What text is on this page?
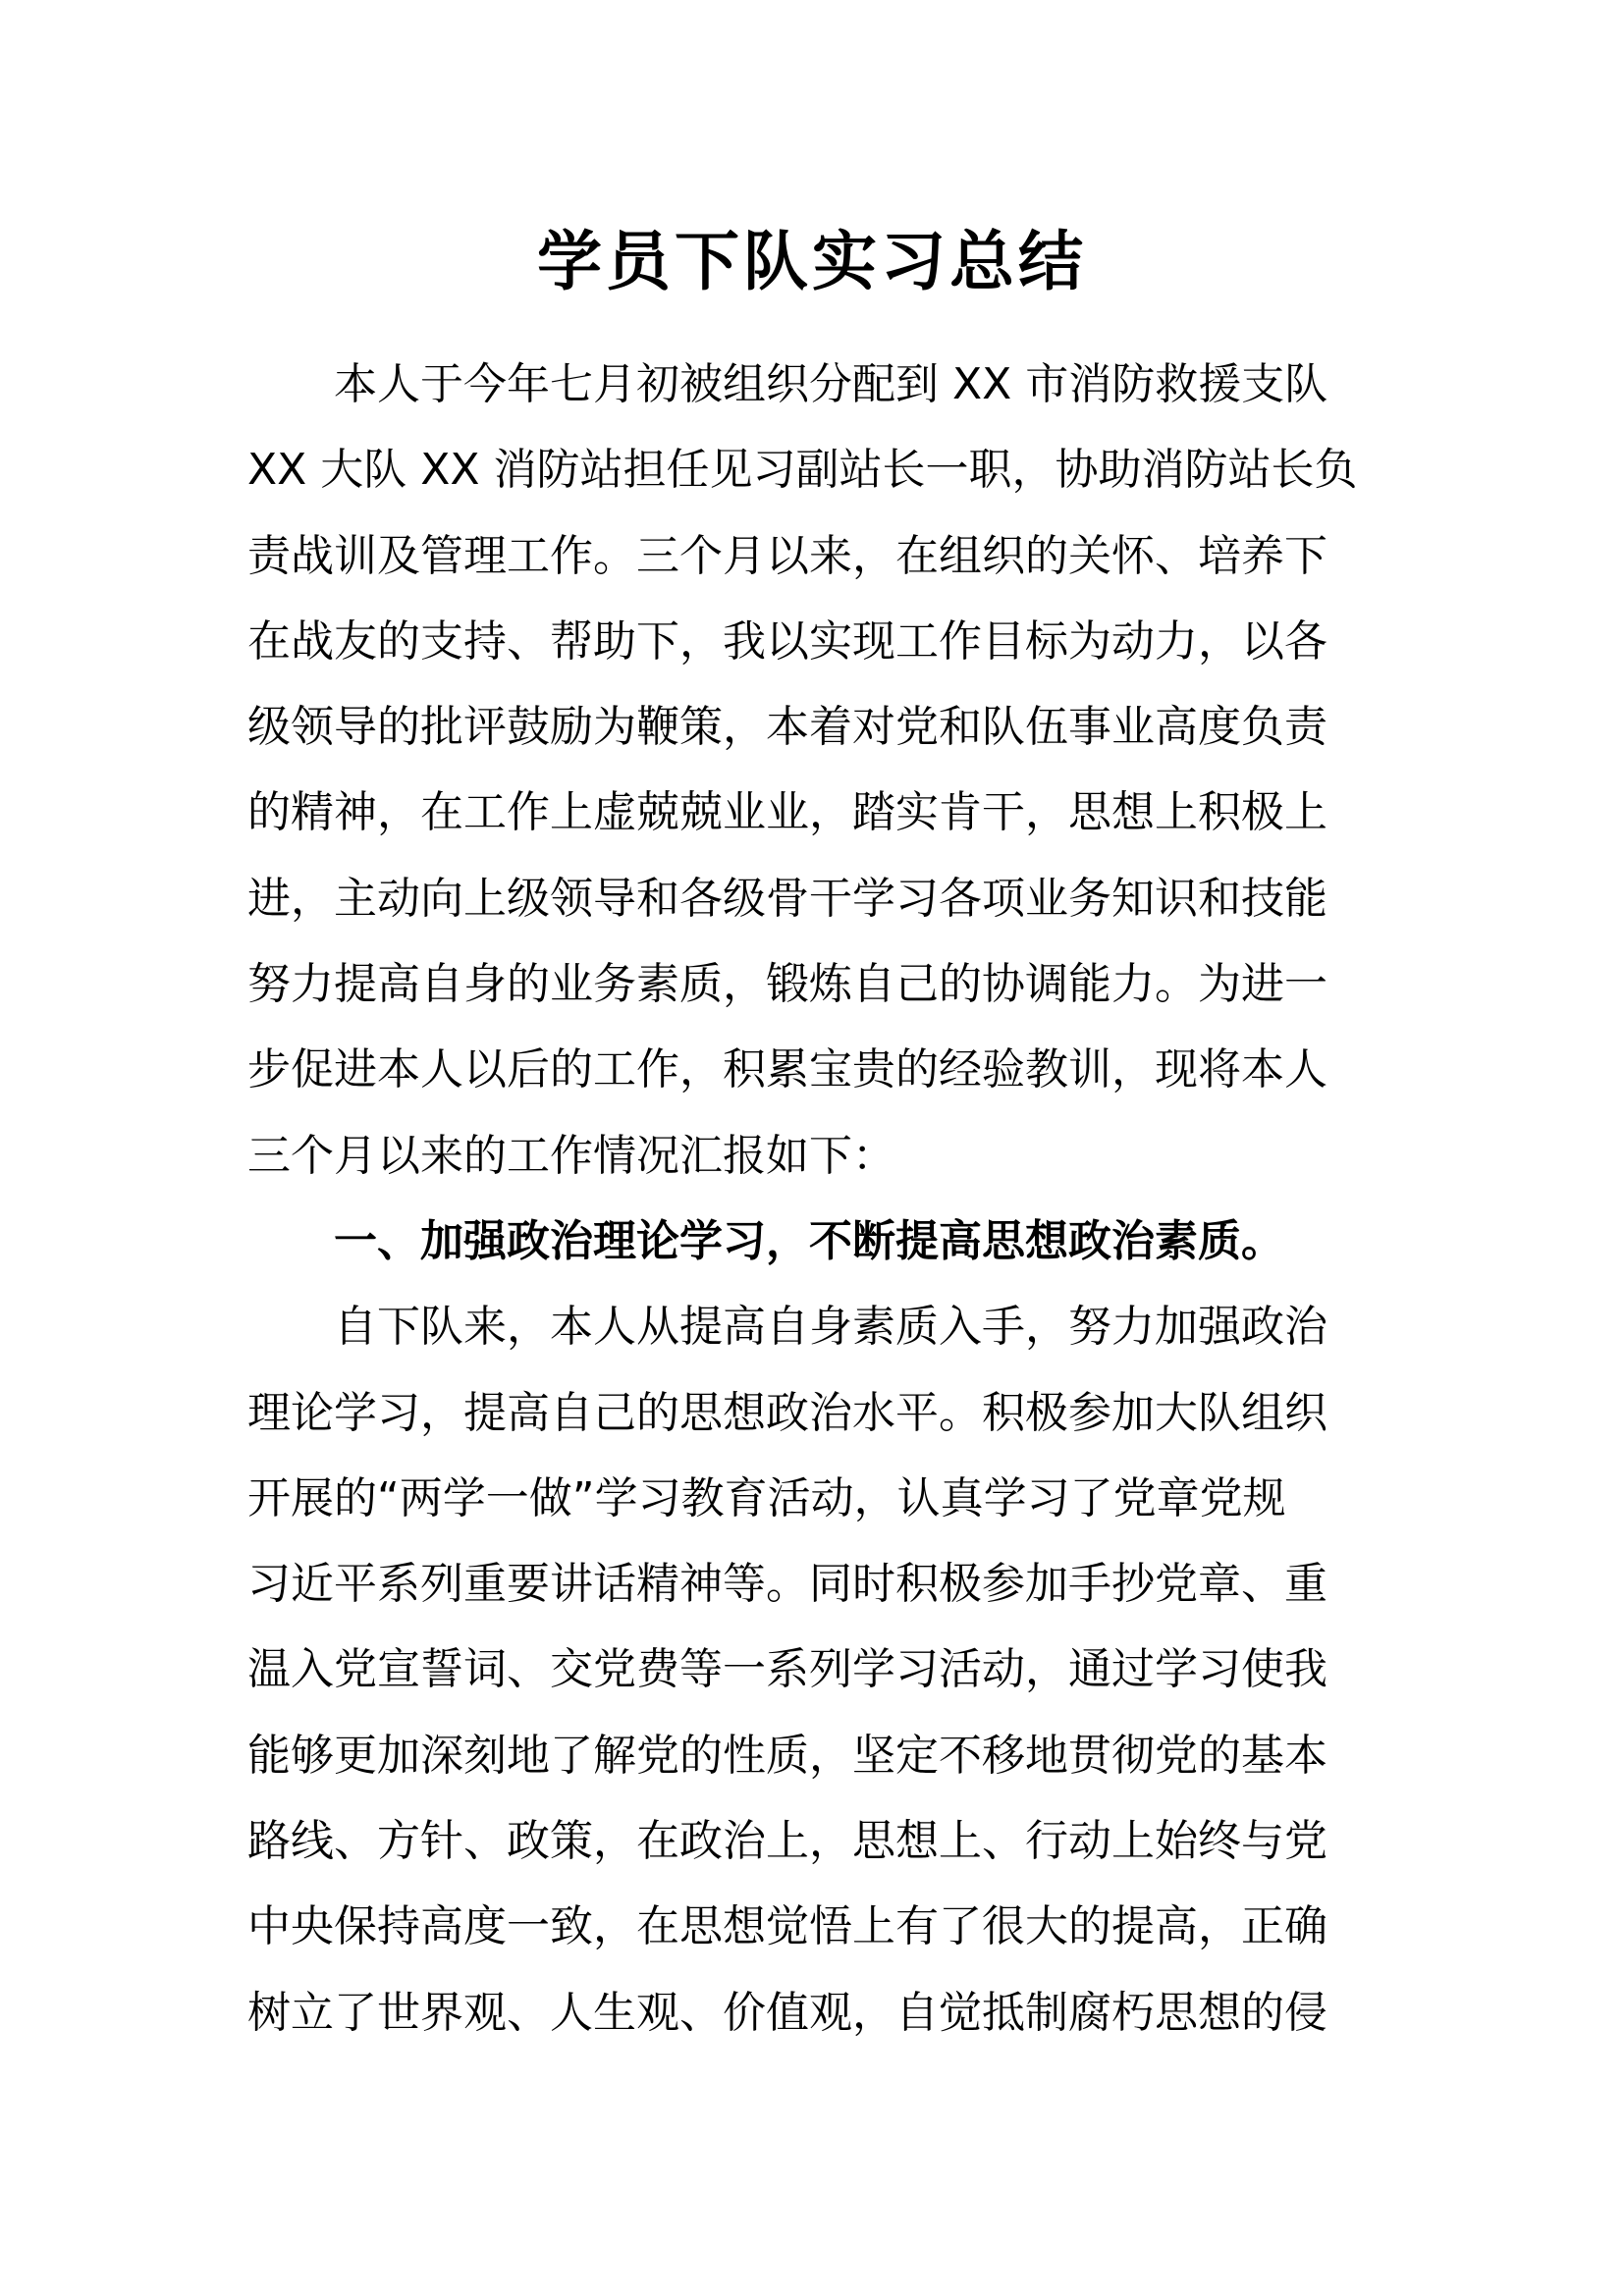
学员下队实习总结
本人于今年七月初被组织分配到 XX 市消防救援支队
XX 大队 XX 消防站担任见习副站长一职，协助消防站长负
责战训及管理工作。三个月以来，在组织的关怀、培养下
在战友的支持、帮助下，我以实现工作目标为动力，以各
级领导的批评鼓励为鞭策，本着对党和队伍事业高度负责
的精神，在工作上虚兢兢业业，踏实肯干，思想上积极上
进，主动向上级领导和各级骨干学习各项业务知识和技能
努力提高自身的业务素质，锻炼自己的协调能力。为进一
步促进本人以后的工作，积累宝贵的经验教训，现将本人
三个月以来的工作情况汇报如下：
一、加强政治理论学习，不断提高思想政治素质。
自下队来，本人从提高自身素质入手，努力加强政治
理论学习，提高自己的思想政治水平。积极参加大队组织
开展的“两学一做”学习教育活动，认真学习了党章党规
习近平系列重要讲话精神等。同时积极参加手抄党章、重
温入党宣誓词、交党费等一系列学习活动，通过学习使我
能够更加深刻地了解党的性质，坚定不移地贯彻党的基本
路线、方针、政策，在政治上，思想上、行动上始终与党
中央保持高度一致，在思想觉悟上有了很大的提高，正确
树立了世界观、人生观、价值观，自觉抵制腐朽思想的侵
